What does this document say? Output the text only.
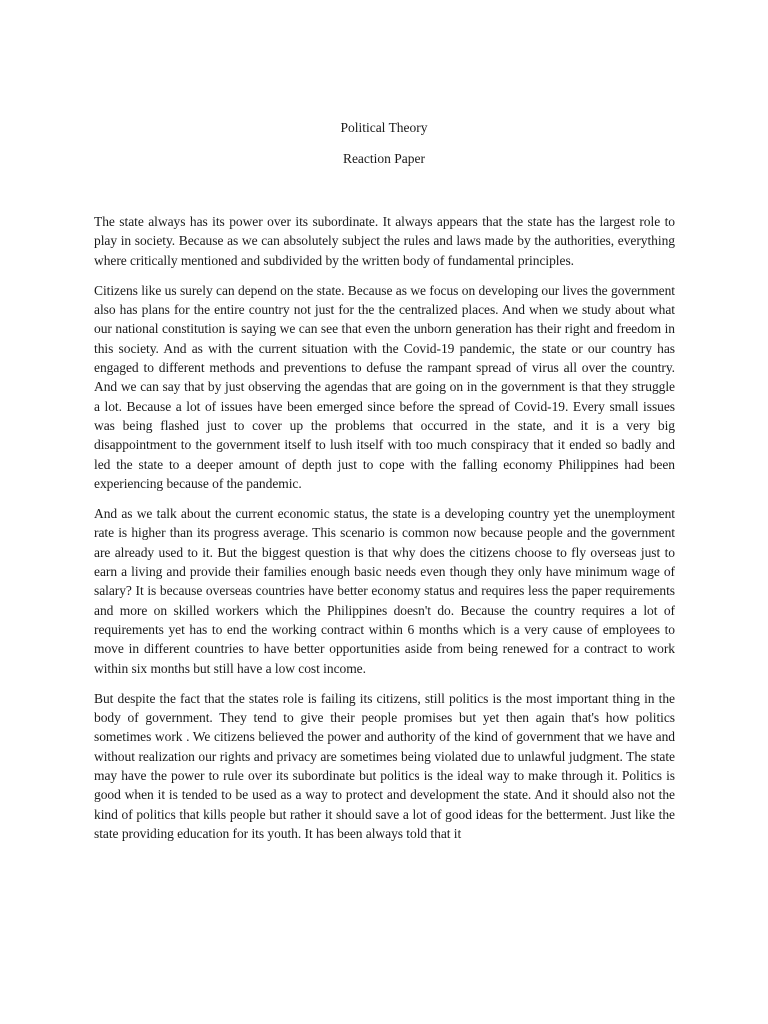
Political Theory
Reaction Paper

The state always has its power over its subordinate. It always appears that the state has the largest role to play in society. Because as we can absolutely subject the rules and laws made by the authorities, everything where critically mentioned and subdivided by the written body of fundamental principles.

Citizens like us surely can depend on the state. Because as we focus on developing our lives the government also has plans for the entire country not just for the the centralized places. And when we study about what our national constitution is saying we can see that even the unborn generation has their right and freedom in this society. And as with the current situation with the Covid-19 pandemic, the state or our country has engaged to different methods and preventions to defuse the rampant spread of virus all over the country. And we can say that by just observing the agendas that are going on in the government is that they struggle a lot. Because a lot of issues have been emerged since before the spread of Covid-19. Every small issues was being flashed just to cover up the problems that occurred in the state, and it is a very big disappointment to the government itself to lush itself with too much conspiracy that it ended so badly and led the state to a deeper amount of depth just to cope with the falling economy Philippines had been experiencing because of the pandemic.

And as we talk about the current economic status, the state is a developing country yet the unemployment rate is higher than its progress average. This scenario is common now because people and the government are already used to it. But the biggest question is that why does the citizens choose to fly overseas just to earn a living and provide their families enough basic needs even though they only have minimum wage of salary? It is because overseas countries have better economy status and requires less the paper requirements and more on skilled workers which the Philippines doesn't do. Because the country requires a lot of requirements yet has to end the working contract within 6 months which is a very cause of employees to move in different countries to have better opportunities aside from being renewed for a contract to work within six months but still have a low cost income.

But despite the fact that the states role is failing its citizens, still politics is the most important thing in the body of government. They tend to give their people promises but yet then again that's how politics sometimes work . We citizens believed the power and authority of the kind of government that we have and without realization our rights and privacy are sometimes being violated due to unlawful judgment. The state may have the power to rule over its subordinate but politics is the ideal way to make through it. Politics is good when it is tended to be used as a way to protect and development the state. And it should also not the kind of politics that kills people but rather it should save a lot of good ideas for the betterment. Just like the state providing education for its youth. It has been always told that it
